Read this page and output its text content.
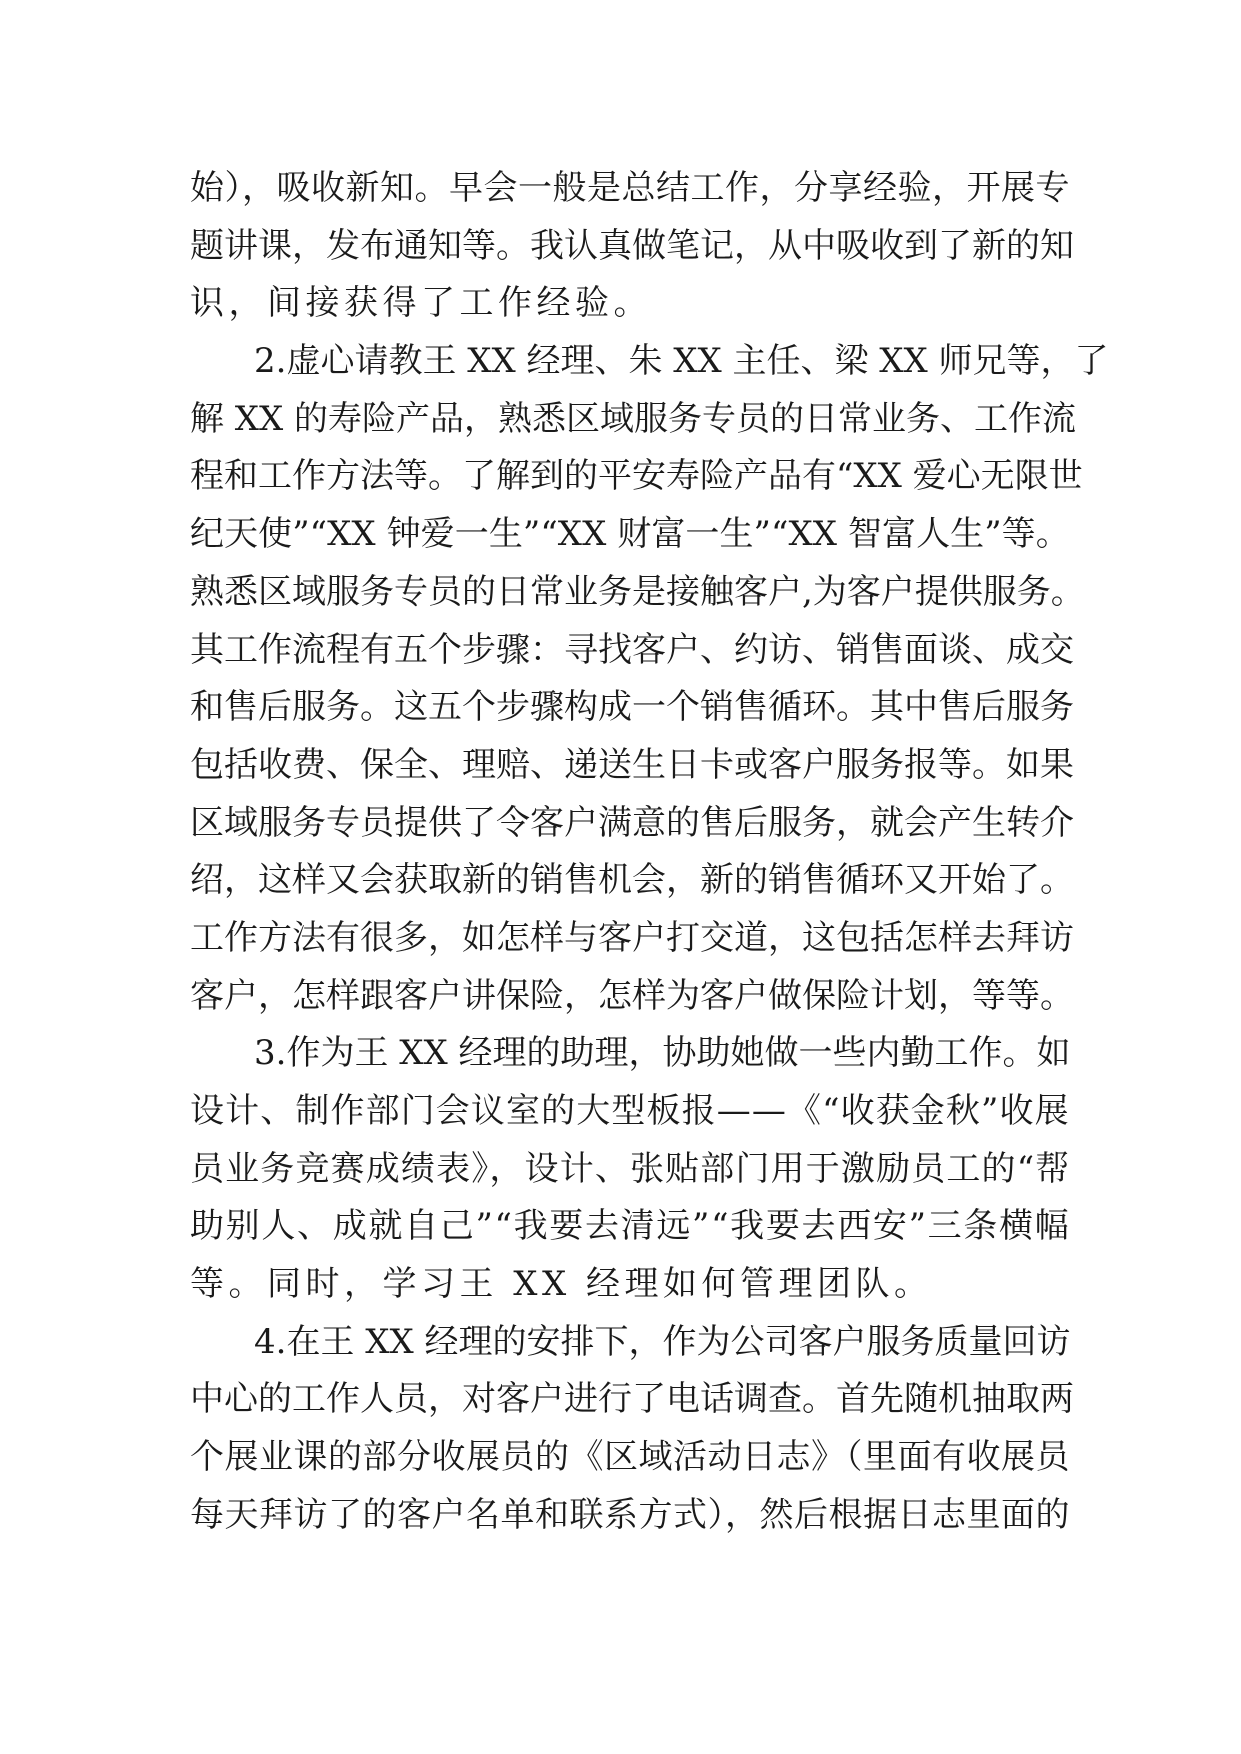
始），吸收新知。早会一般是总结工作，分享经验，开展专
题讲课，发布通知等。我认真做笔记，从中吸收到了新的知
识，间接获得了工作经验。
2.虚心请教王 XX 经理、朱 XX 主任、梁 XX 师兄等，了
解 XX 的寿险产品，熟悉区域服务专员的日常业务、工作流
程和工作方法等。了解到的平安寿险产品有“XX 爱心无限世
纪天使”“XX 钟爱一生”“XX 财富一生”“XX 智富人生”等。
熟悉区域服务专员的日常业务是接触客户,为客户提供服务。
其工作流程有五个步骤：寻找客户、约访、销售面谈、成交
和售后服务。这五个步骤构成一个销售循环。其中售后服务
包括收费、保全、理赔、递送生日卡或客户服务报等。如果
区域服务专员提供了令客户满意的售后服务，就会产生转介
绍，这样又会获取新的销售机会，新的销售循环又开始了。
工作方法有很多，如怎样与客户打交道，这包括怎样去拜访
客户，怎样跟客户讲保险，怎样为客户做保险计划，等等。
3.作为王 XX 经理的助理，协助她做一些内勤工作。如
设计、制作部门会议室的大型板报——《“收获金秋”收展
员业务竞赛成绩表》，设计、张贴部门用于激励员工的“帮
助别人、成就自己”“我要去清远”“我要去西安”三条横幅
等。同时，学习王 XX 经理如何管理团队。
4.在王 XX 经理的安排下，作为公司客户服务质量回访
中心的工作人员，对客户进行了电话调查。首先随机抽取两
个展业课的部分收展员的《区域活动日志》（里面有收展员
每天拜访了的客户名单和联系方式），然后根据日志里面的
